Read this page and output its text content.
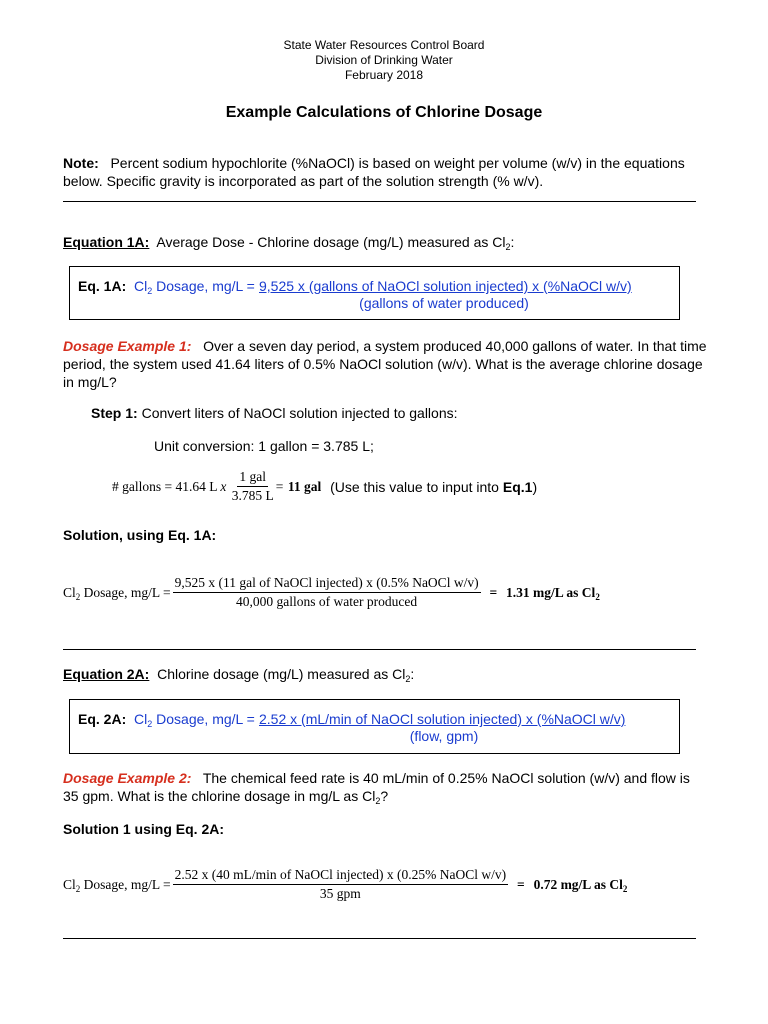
State Water Resources Control Board
Division of Drinking Water
February 2018
Example Calculations of Chlorine Dosage
Note: Percent sodium hypochlorite (%NaOCl) is based on weight per volume (w/v) in the equations below. Specific gravity is incorporated as part of the solution strength (% w/v).
Equation 1A: Average Dose - Chlorine dosage (mg/L) measured as $Cl_2$:
Eq. 1A: $Cl_2$ Dosage, mg/L = 9,525 x (gallons of NaOCl solution injected) x (%NaOCl w/v)
(gallons of water produced)
Dosage Example 1: Over a seven day period, a system produced 40,000 gallons of water. In that time period, the system used 41.64 liters of 0.5% NaOCl solution (w/v). What is the average chlorine dosage in mg/L?
Step 1: Convert liters of NaOCl solution injected to gallons:
Unit conversion: 1 gallon = 3.785 L;
# gallons = 41.64 L x $\frac{\text{1 gal}}{3.785 L}$ =
11 gal
(Use this value to input into Eq.1)
Solution, using Eq. 1A:
$Cl_2$ Dosage, $mg/L = \frac{\text{9,525 x (11 gal of NaOCl injected) x (0.5\% NaOCl w/v)}}{\text{40,000 gallons of water produced}}$
=
1.31 mg/L as $Cl_2$
Equation 2A: Chlorine dosage (mg/L) measured as $Cl_2$:
Eq. 2A: $Cl_2$ Dosage, mg/L = 2.52 x (mL/min of NaOCl solution injected) x (%NaOCl w/v)
(flow, gpm)
Dosage Example 2: The chemical feed rate is 40 mL/min of 0.25% NaOCl solution (w/v) and flow is 35 gpm. What is the chlorine dosage in mg/L as $Cl_2$?
Solution 1 using Eq. 2A:
$Cl_2$ Dosage, $mg/L = \frac{\text{2.52 x (40 mL/min of NaOCl injected) x (0.25\% NaOCl w/v)}}{\text{35 gpm}}$
=
0.72 mg/L as $Cl_2$
